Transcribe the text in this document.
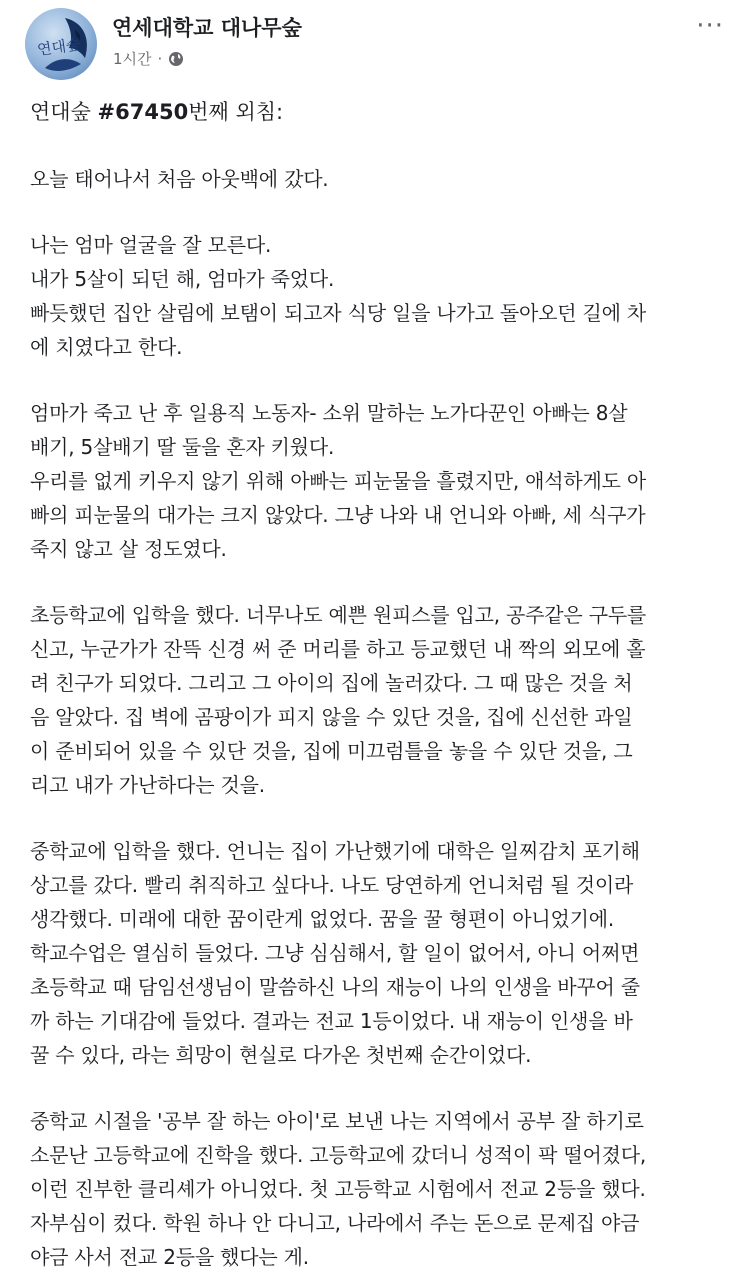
연대숲
연세대학교 대나무숲
1시간 ·
···

연대숲 #67450번째 외침:

오늘 태어나서 처음 아웃백에 갔다.

나는 엄마 얼굴을 잘 모른다.
내가 5살이 되던 해, 엄마가 죽었다.
빠듯했던 집안 살림에 보탬이 되고자 식당 일을 나가고 돌아오던 길에 차
에 치였다고 한다.

엄마가 죽고 난 후 일용직 노동자- 소위 말하는 노가다꾼인 아빠는 8살
배기, 5살배기 딸 둘을 혼자 키웠다.
우리를 없게 키우지 않기 위해 아빠는 피눈물을 흘렸지만, 애석하게도 아
빠의 피눈물의 대가는 크지 않았다. 그냥 나와 내 언니와 아빠, 세 식구가
죽지 않고 살 정도였다.

초등학교에 입학을 했다. 너무나도 예쁜 원피스를 입고, 공주같은 구두를
신고, 누군가가 잔뜩 신경 써 준 머리를 하고 등교했던 내 짝의 외모에 홀
려 친구가 되었다. 그리고 그 아이의 집에 놀러갔다. 그 때 많은 것을 처
음 알았다. 집 벽에 곰팡이가 피지 않을 수 있단 것을, 집에 신선한 과일
이 준비되어 있을 수 있단 것을, 집에 미끄럼틀을 놓을 수 있단 것을, 그
리고 내가 가난하다는 것을.

중학교에 입학을 했다. 언니는 집이 가난했기에 대학은 일찌감치 포기해
상고를 갔다. 빨리 취직하고 싶다나. 나도 당연하게 언니처럼 될 것이라
생각했다. 미래에 대한 꿈이란게 없었다. 꿈을 꿀 형편이 아니었기에.
학교수업은 열심히 들었다. 그냥 심심해서, 할 일이 없어서, 아니 어쩌면
초등학교 때 담임선생님이 말씀하신 나의 재능이 나의 인생을 바꾸어 줄
까 하는 기대감에 들었다. 결과는 전교 1등이었다. 내 재능이 인생을 바
꿀 수 있다, 라는 희망이 현실로 다가온 첫번째 순간이었다.

중학교 시절을 '공부 잘 하는 아이'로 보낸 나는 지역에서 공부 잘 하기로
소문난 고등학교에 진학을 했다. 고등학교에 갔더니 성적이 팍 떨어졌다,
이런 진부한 클리셰가 아니었다. 첫 고등학교 시험에서 전교 2등을 했다.
자부심이 컸다. 학원 하나 안 다니고, 나라에서 주는 돈으로 문제집 야금
야금 사서 전교 2등을 했다는 게.
